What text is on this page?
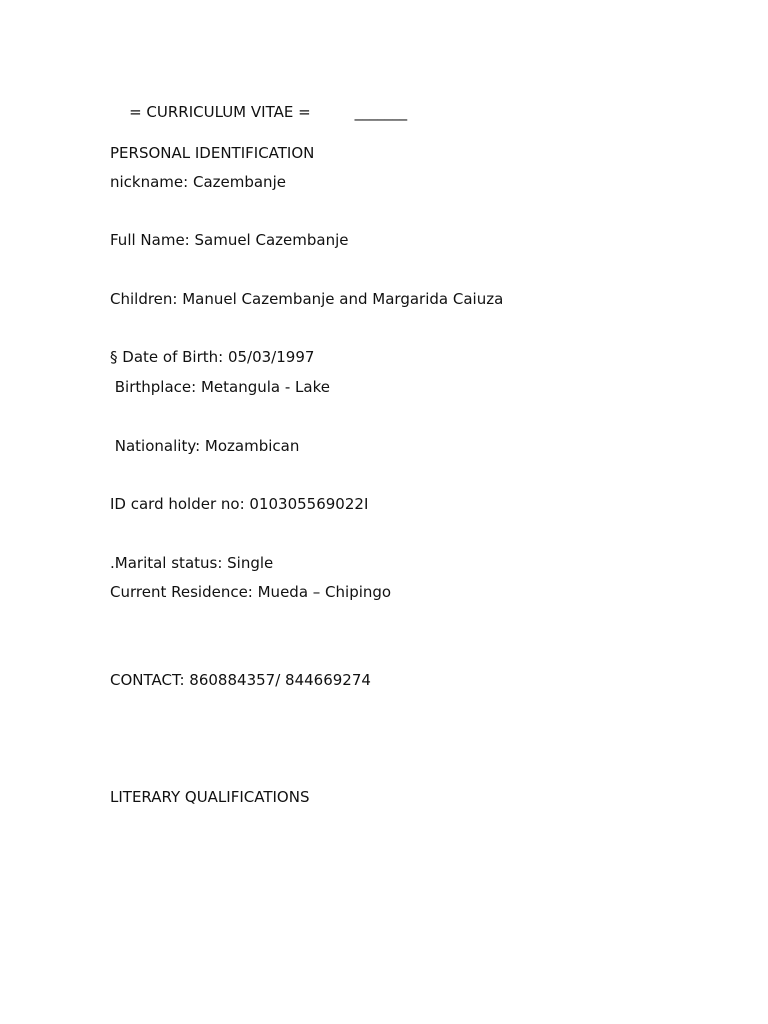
= CURRICULUM VITAE =	_______

PERSONAL IDENTIFICATION
nickname: Cazembanje
Full Name: Samuel Cazembanje
Children: Manuel Cazembanje and Margarida Caiuza
§ Date of Birth: 05/03/1997
Birthplace: Metangula - Lake
Nationality: Mozambican
ID card holder no: 010305569022I
.Marital status: Single
Current Residence: Mueda – Chipingo
CONTACT: 860884357/ 844669274
LITERARY QUALIFICATIONS
